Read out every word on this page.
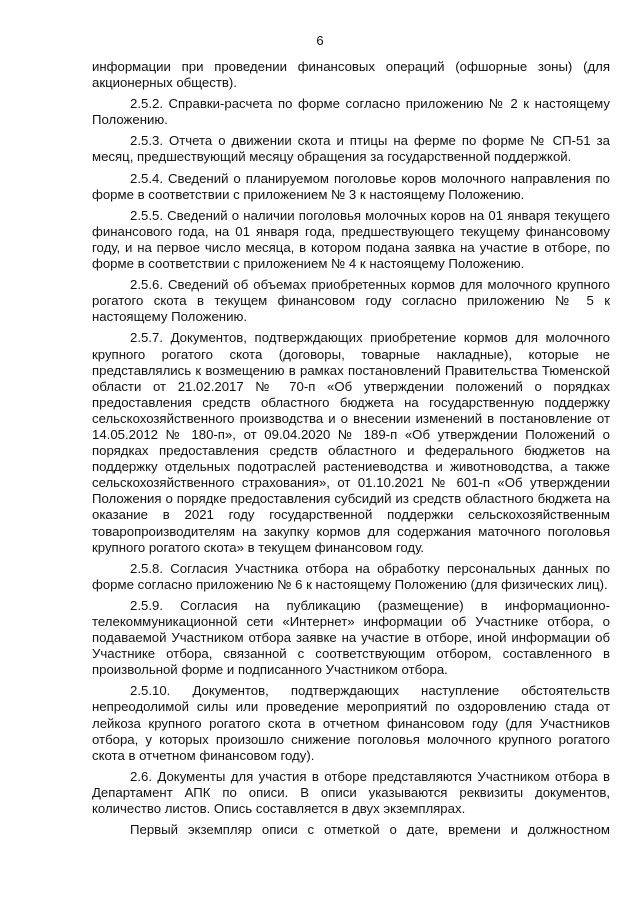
6

информации при проведении финансовых операций (офшорные зоны) (для акционерных обществ).

2.5.2. Справки-расчета по форме согласно приложению № 2 к настоящему Положению.

2.5.3. Отчета о движении скота и птицы на ферме по форме № СП-51 за месяц, предшествующий месяцу обращения за государственной поддержкой.

2.5.4. Сведений о планируемом поголовье коров молочного направления по форме в соответствии с приложением № 3 к настоящему Положению.

2.5.5. Сведений о наличии поголовья молочных коров на 01 января текущего финансового года, на 01 января года, предшествующего текущему финансовому году, и на первое число месяца, в котором подана заявка на участие в отборе, по форме в соответствии с приложением № 4 к настоящему Положению.

2.5.6. Сведений об объемах приобретенных кормов для молочного крупного рогатого скота в текущем финансовом году согласно приложению № 5 к настоящему Положению.

2.5.7. Документов, подтверждающих приобретение кормов для молочного крупного рогатого скота (договоры, товарные накладные), которые не представлялись к возмещению в рамках постановлений Правительства Тюменской области от 21.02.2017 № 70-п «Об утверждении положений о порядках предоставления средств областного бюджета на государственную поддержку сельскохозяйственного производства и о внесении изменений в постановление от 14.05.2012 № 180-п», от 09.04.2020 № 189-п «Об утверждении Положений о порядках предоставления средств областного и федерального бюджетов на поддержку отдельных подотраслей растениеводства и животноводства, а также сельскохозяйственного страхования», от 01.10.2021 № 601-п «Об утверждении Положения о порядке предоставления субсидий из средств областного бюджета на оказание в 2021 году государственной поддержки сельскохозяйственным товаропроизводителям на закупку кормов для содержания маточного поголовья крупного рогатого скота» в текущем финансовом году.

2.5.8. Согласия Участника отбора на обработку персональных данных по форме согласно приложению № 6 к настоящему Положению (для физических лиц).

2.5.9. Согласия на публикацию (размещение) в информационно-телекоммуникационной сети «Интернет» информации об Участнике отбора, о подаваемой Участником отбора заявке на участие в отборе, иной информации об Участнике отбора, связанной с соответствующим отбором, составленного в произвольной форме и подписанного Участником отбора.

2.5.10. Документов, подтверждающих наступление обстоятельств непреодолимой силы или проведение мероприятий по оздоровлению стада от лейкоза крупного рогатого скота в отчетном финансовом году (для Участников отбора, у которых произошло снижение поголовья молочного крупного рогатого скота в отчетном финансовом году).

2.6. Документы для участия в отборе представляются Участником отбора в Департамент АПК по описи. В описи указываются реквизиты документов, количество листов. Опись составляется в двух экземплярах.

Первый экземпляр описи с отметкой о дате, времени и должностном
